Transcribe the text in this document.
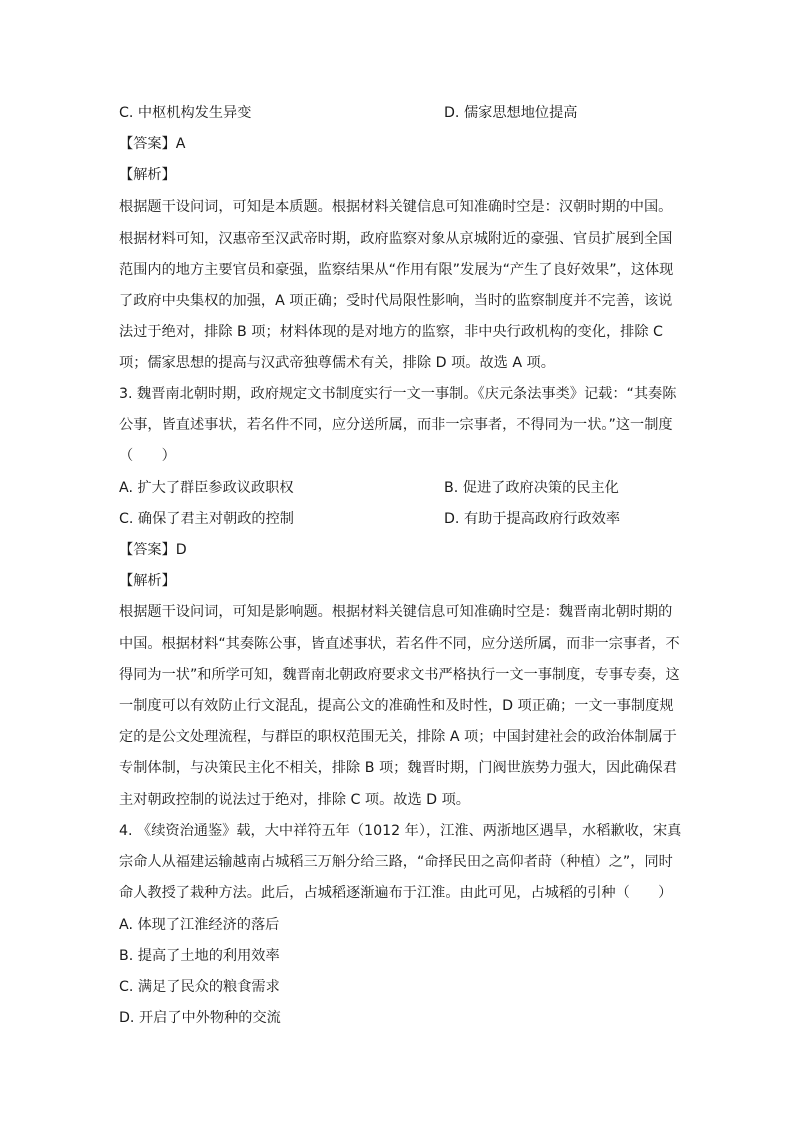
C. 中枢机构发生异变	D. 儒家思想地位提高
【答案】A
【解析】
根据题干设问词，可知是本质题。根据材料关键信息可知准确时空是：汉朝时期的中国。
根据材料可知，汉惠帝至汉武帝时期，政府监察对象从京城附近的豪强、官员扩展到全国
范围内的地方主要官员和豪强，监察结果从“作用有限”发展为“产生了良好效果”，这体现
了政府中央集权的加强，A 项正确；受时代局限性影响，当时的监察制度并不完善，该说
法过于绝对，排除 B 项；材料体现的是对地方的监察，非中央行政机构的变化，排除 C
项；儒家思想的提高与汉武帝独尊儒术有关，排除 D 项。故选 A 项。
3. 魏晋南北朝时期，政府规定文书制度实行一文一事制。《庆元条法事类》记载：“其奏陈
公事，皆直述事状，若名件不同，应分送所属，而非一宗事者，不得同为一状。”这一制度
（　　）
A. 扩大了群臣参政议政职权	B. 促进了政府决策的民主化
C. 确保了君主对朝政的控制	D. 有助于提高政府行政效率
【答案】D
【解析】
根据题干设问词，可知是影响题。根据材料关键信息可知准确时空是：魏晋南北朝时期的
中国。根据材料“其奏陈公事，皆直述事状，若名件不同，应分送所属，而非一宗事者，不
得同为一状”和所学可知，魏晋南北朝政府要求文书严格执行一文一事制度，专事专奏，这
一制度可以有效防止行文混乱，提高公文的准确性和及时性，D 项正确；一文一事制度规
定的是公文处理流程，与群臣的职权范围无关，排除 A 项；中国封建社会的政治体制属于
专制体制，与决策民主化不相关，排除 B 项；魏晋时期，门阀世族势力强大，因此确保君
主对朝政控制的说法过于绝对，排除 C 项。故选 D 项。
4. 《续资治通鉴》载，大中祥符五年（1012 年），江淮、两浙地区遇旱，水稻歉收，宋真
宗命人从福建运输越南占城稻三万斛分给三路，“命择民田之高仰者莳（种植）之”，同时
命人教授了栽种方法。此后，占城稻逐渐遍布于江淮。由此可见，占城稻的引种（　　）
A. 体现了江淮经济的落后
B. 提高了土地的利用效率
C. 满足了民众的粮食需求
D. 开启了中外物种的交流
